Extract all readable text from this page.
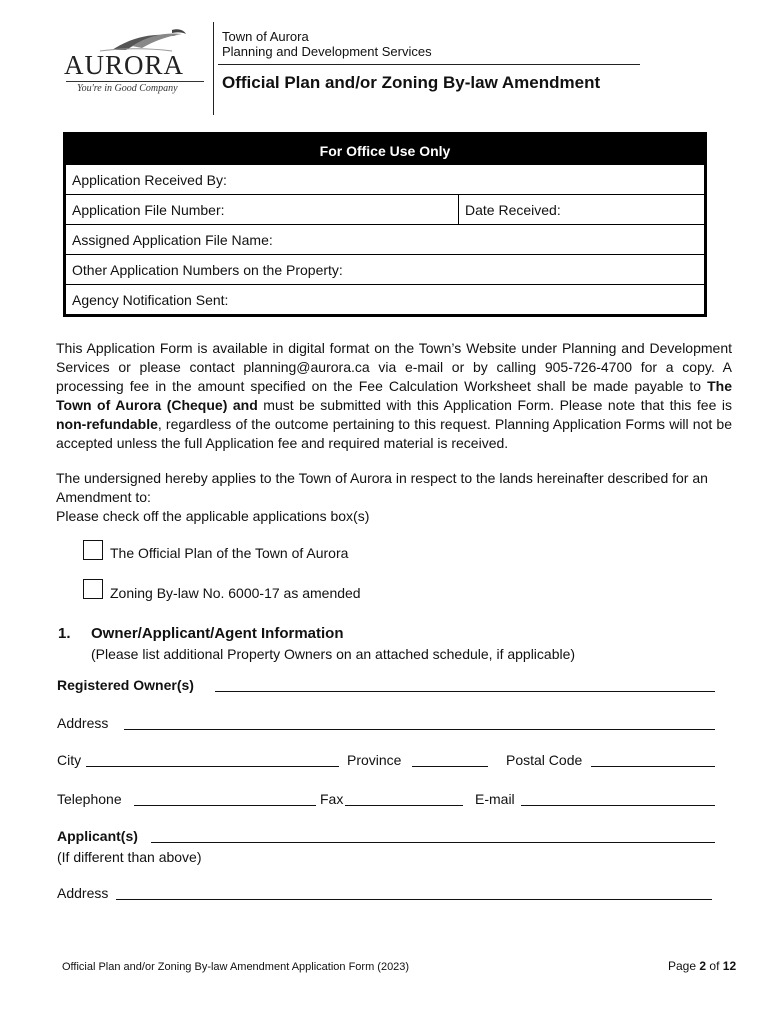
AURORA
You're in Good Company
Town of Aurora
Planning and Development Services
Official Plan and/or Zoning By-law Amendment
For Office Use Only
Application Received By:
Application File Number:	Date Received:
Assigned Application File Name:
Other Application Numbers on the Property:
Agency Notification Sent:
This Application Form is available in digital format on the Town’s Website under Planning and Development Services or please contact planning@aurora.ca via e-mail or by calling 905-726-4700 for a copy. A processing fee in the amount specified on the Fee Calculation Worksheet shall be made payable to The Town of Aurora (Cheque) and must be submitted with this Application Form. Please note that this fee is non-refundable, regardless of the outcome pertaining to this request. Planning Application Forms will not be accepted unless the full Application fee and required material is received.
The undersigned hereby applies to the Town of Aurora in respect to the lands hereinafter described for an Amendment to:
Please check off the applicable applications box(s)
The Official Plan of the Town of Aurora
Zoning By-law No. 6000-17 as amended
1. Owner/Applicant/Agent Information
(Please list additional Property Owners on an attached schedule, if applicable)
Registered Owner(s)
Address
City	Province	Postal Code
Telephone	Fax	E-mail
Applicant(s)
(If different than above)
Address
Official Plan and/or Zoning By-law Amendment Application Form (2023)	Page 2 of 12
